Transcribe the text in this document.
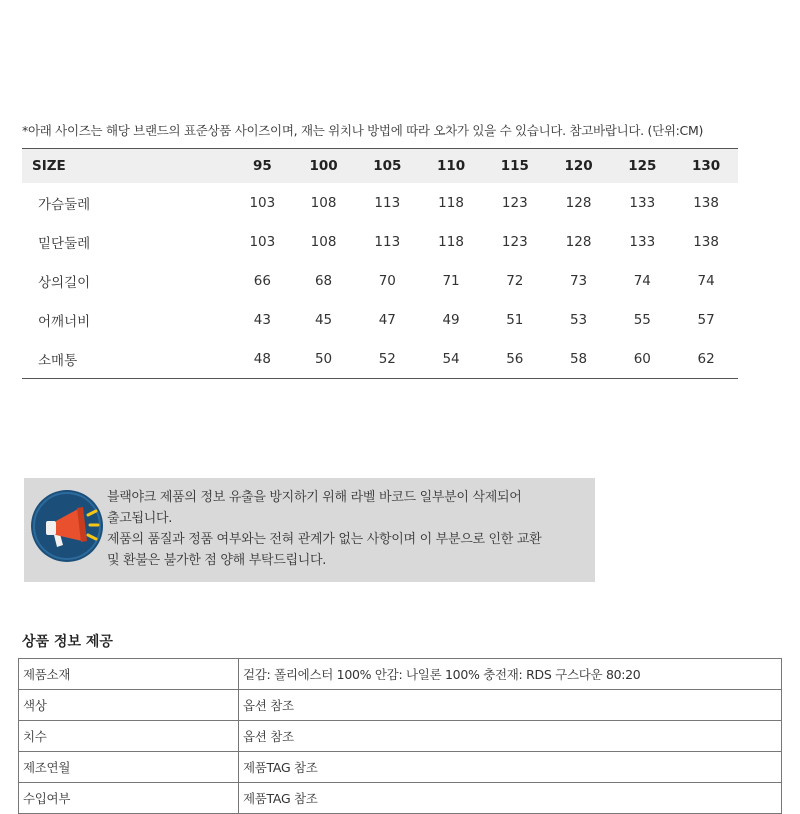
*아래 사이즈는 해당 브랜드의 표준상품 사이즈이며, 재는 위치나 방법에 따라 오차가 있을 수 있습니다. 참고바랍니다. (단위:CM)
SIZE	95	100	105	110	115	120	125	130
가슴둘레	103	108	113	118	123	128	133	138
밑단둘레	103	108	113	118	123	128	133	138
상의길이	66	68	70	71	72	73	74	74
어깨너비	43	45	47	49	51	53	55	57
소매통	48	50	52	54	56	58	60	62
블랙야크 제품의 정보 유출을 방지하기 위해 라벨 바코드 일부분이 삭제되어
출고됩니다.
제품의 품질과 정품 여부와는 전혀 관계가 없는 사항이며 이 부분으로 인한 교환
및 환불은 불가한 점 양해 부탁드립니다.
상품 정보 제공
제품소재	겉감: 폴리에스터 100% 안감: 나일론 100% 충전재: RDS 구스다운 80:20
색상	옵션 참조
치수	옵션 참조
제조연월	제품TAG 참조
수입여부	제품TAG 참조
